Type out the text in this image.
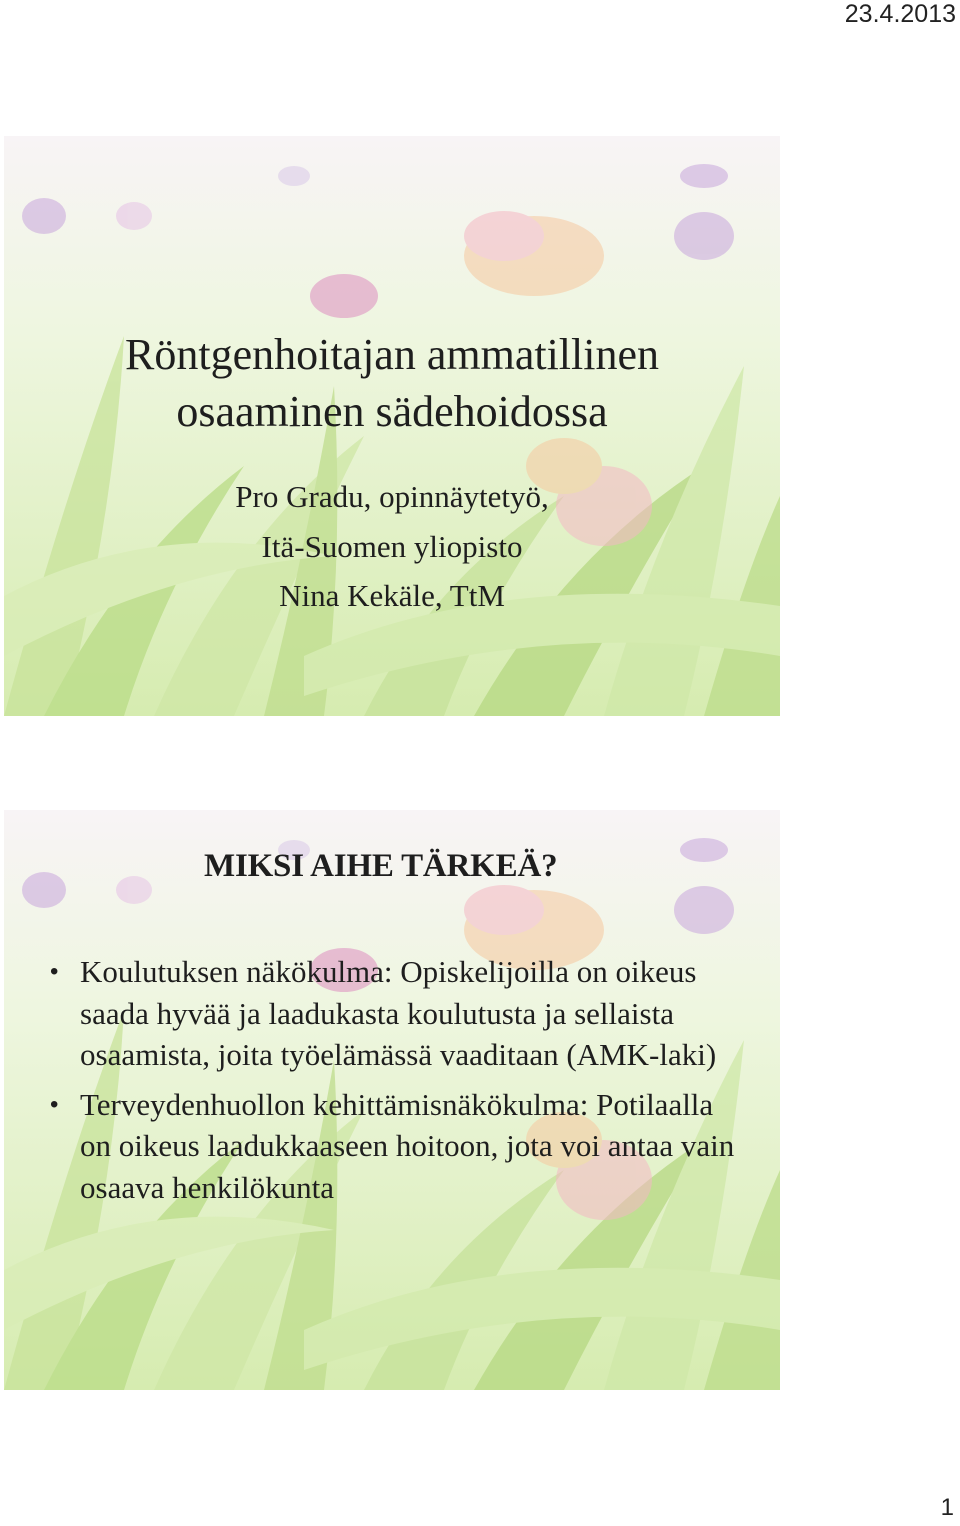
23.4.2013
Röntgenhoitajan ammatillinen
osaaminen sädehoidossa
Pro Gradu, opinnäytetyö,
Itä-Suomen yliopisto
Nina Kekäle, TtM
MIKSI AIHE TÄRKEÄ?
• Koulutuksen näkökulma: Opiskelijoilla on oikeus saada hyvää ja laadukasta koulutusta ja sellaista osaamista, joita työelämässä vaaditaan (AMK-laki)
• Terveydenhuollon kehittämisnäkökulma: Potilaalla on oikeus laadukkaaseen hoitoon, jota voi antaa vain osaava henkilökunta
1
